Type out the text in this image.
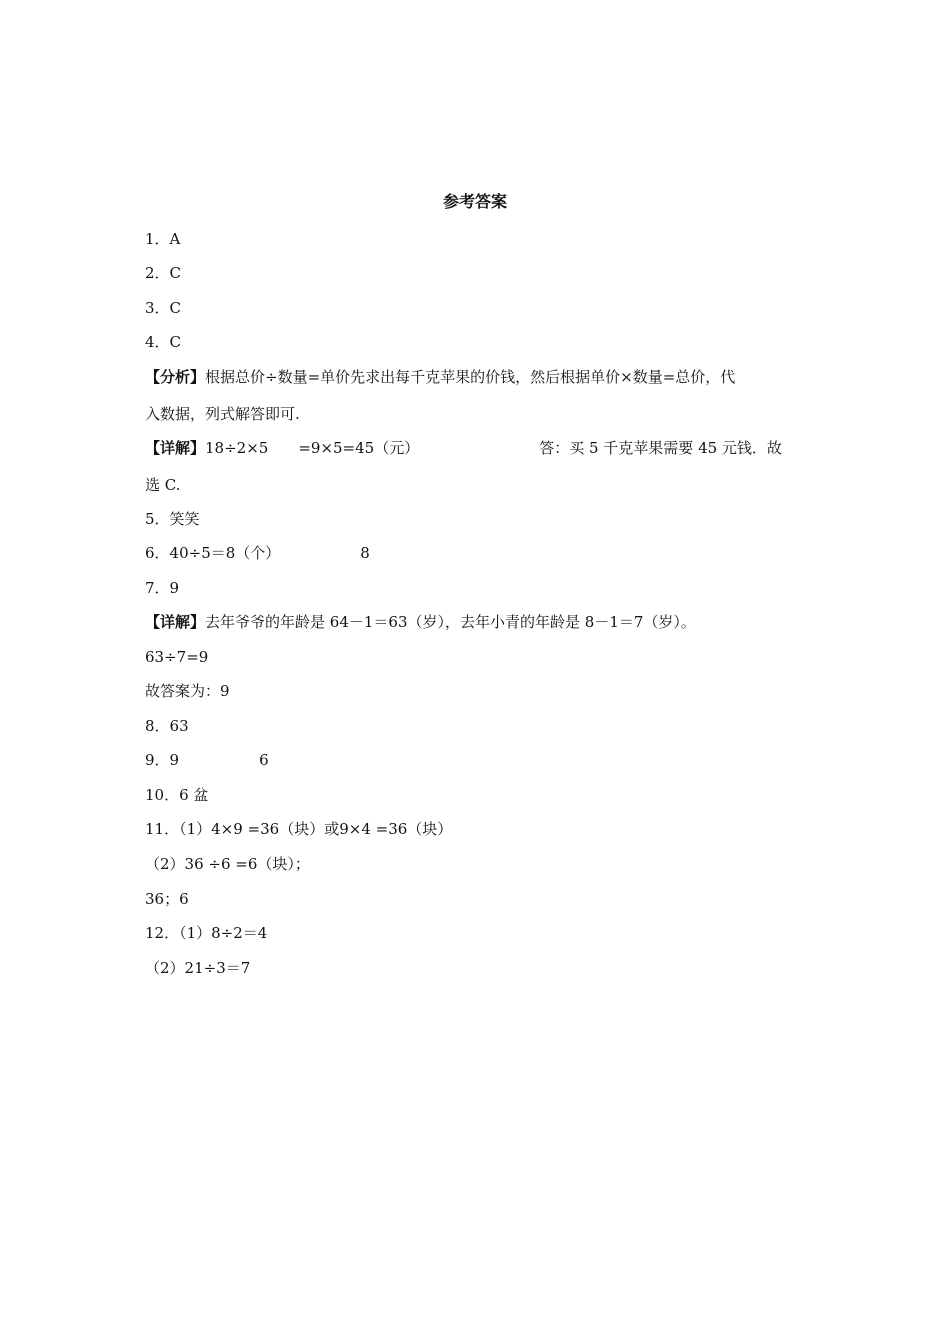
参考答案
1．A
2．C
3．C
4．C
【分析】根据总价÷数量=单价先求出每千克苹果的价钱，然后根据单价×数量=总价，代
入数据，列式解答即可.
【详解】18÷2×5 =9×5=45（元）	答：买 5 千克苹果需要 45 元钱．故
选 C.
5．笑笑
6．40÷5＝8（个）	8
7．9
【详解】去年爷爷的年龄是 64－1＝63（岁），去年小青的年龄是 8－1＝7（岁）。
63÷7=9
故答案为：9
8．63
9．9	6
10．6 盆
11．（1）4×9 =36（块）或9×4 =36（块）
（2）36 ÷6 =6（块）；
36；6
12．（1）8÷2＝4
（2）21÷3＝7
